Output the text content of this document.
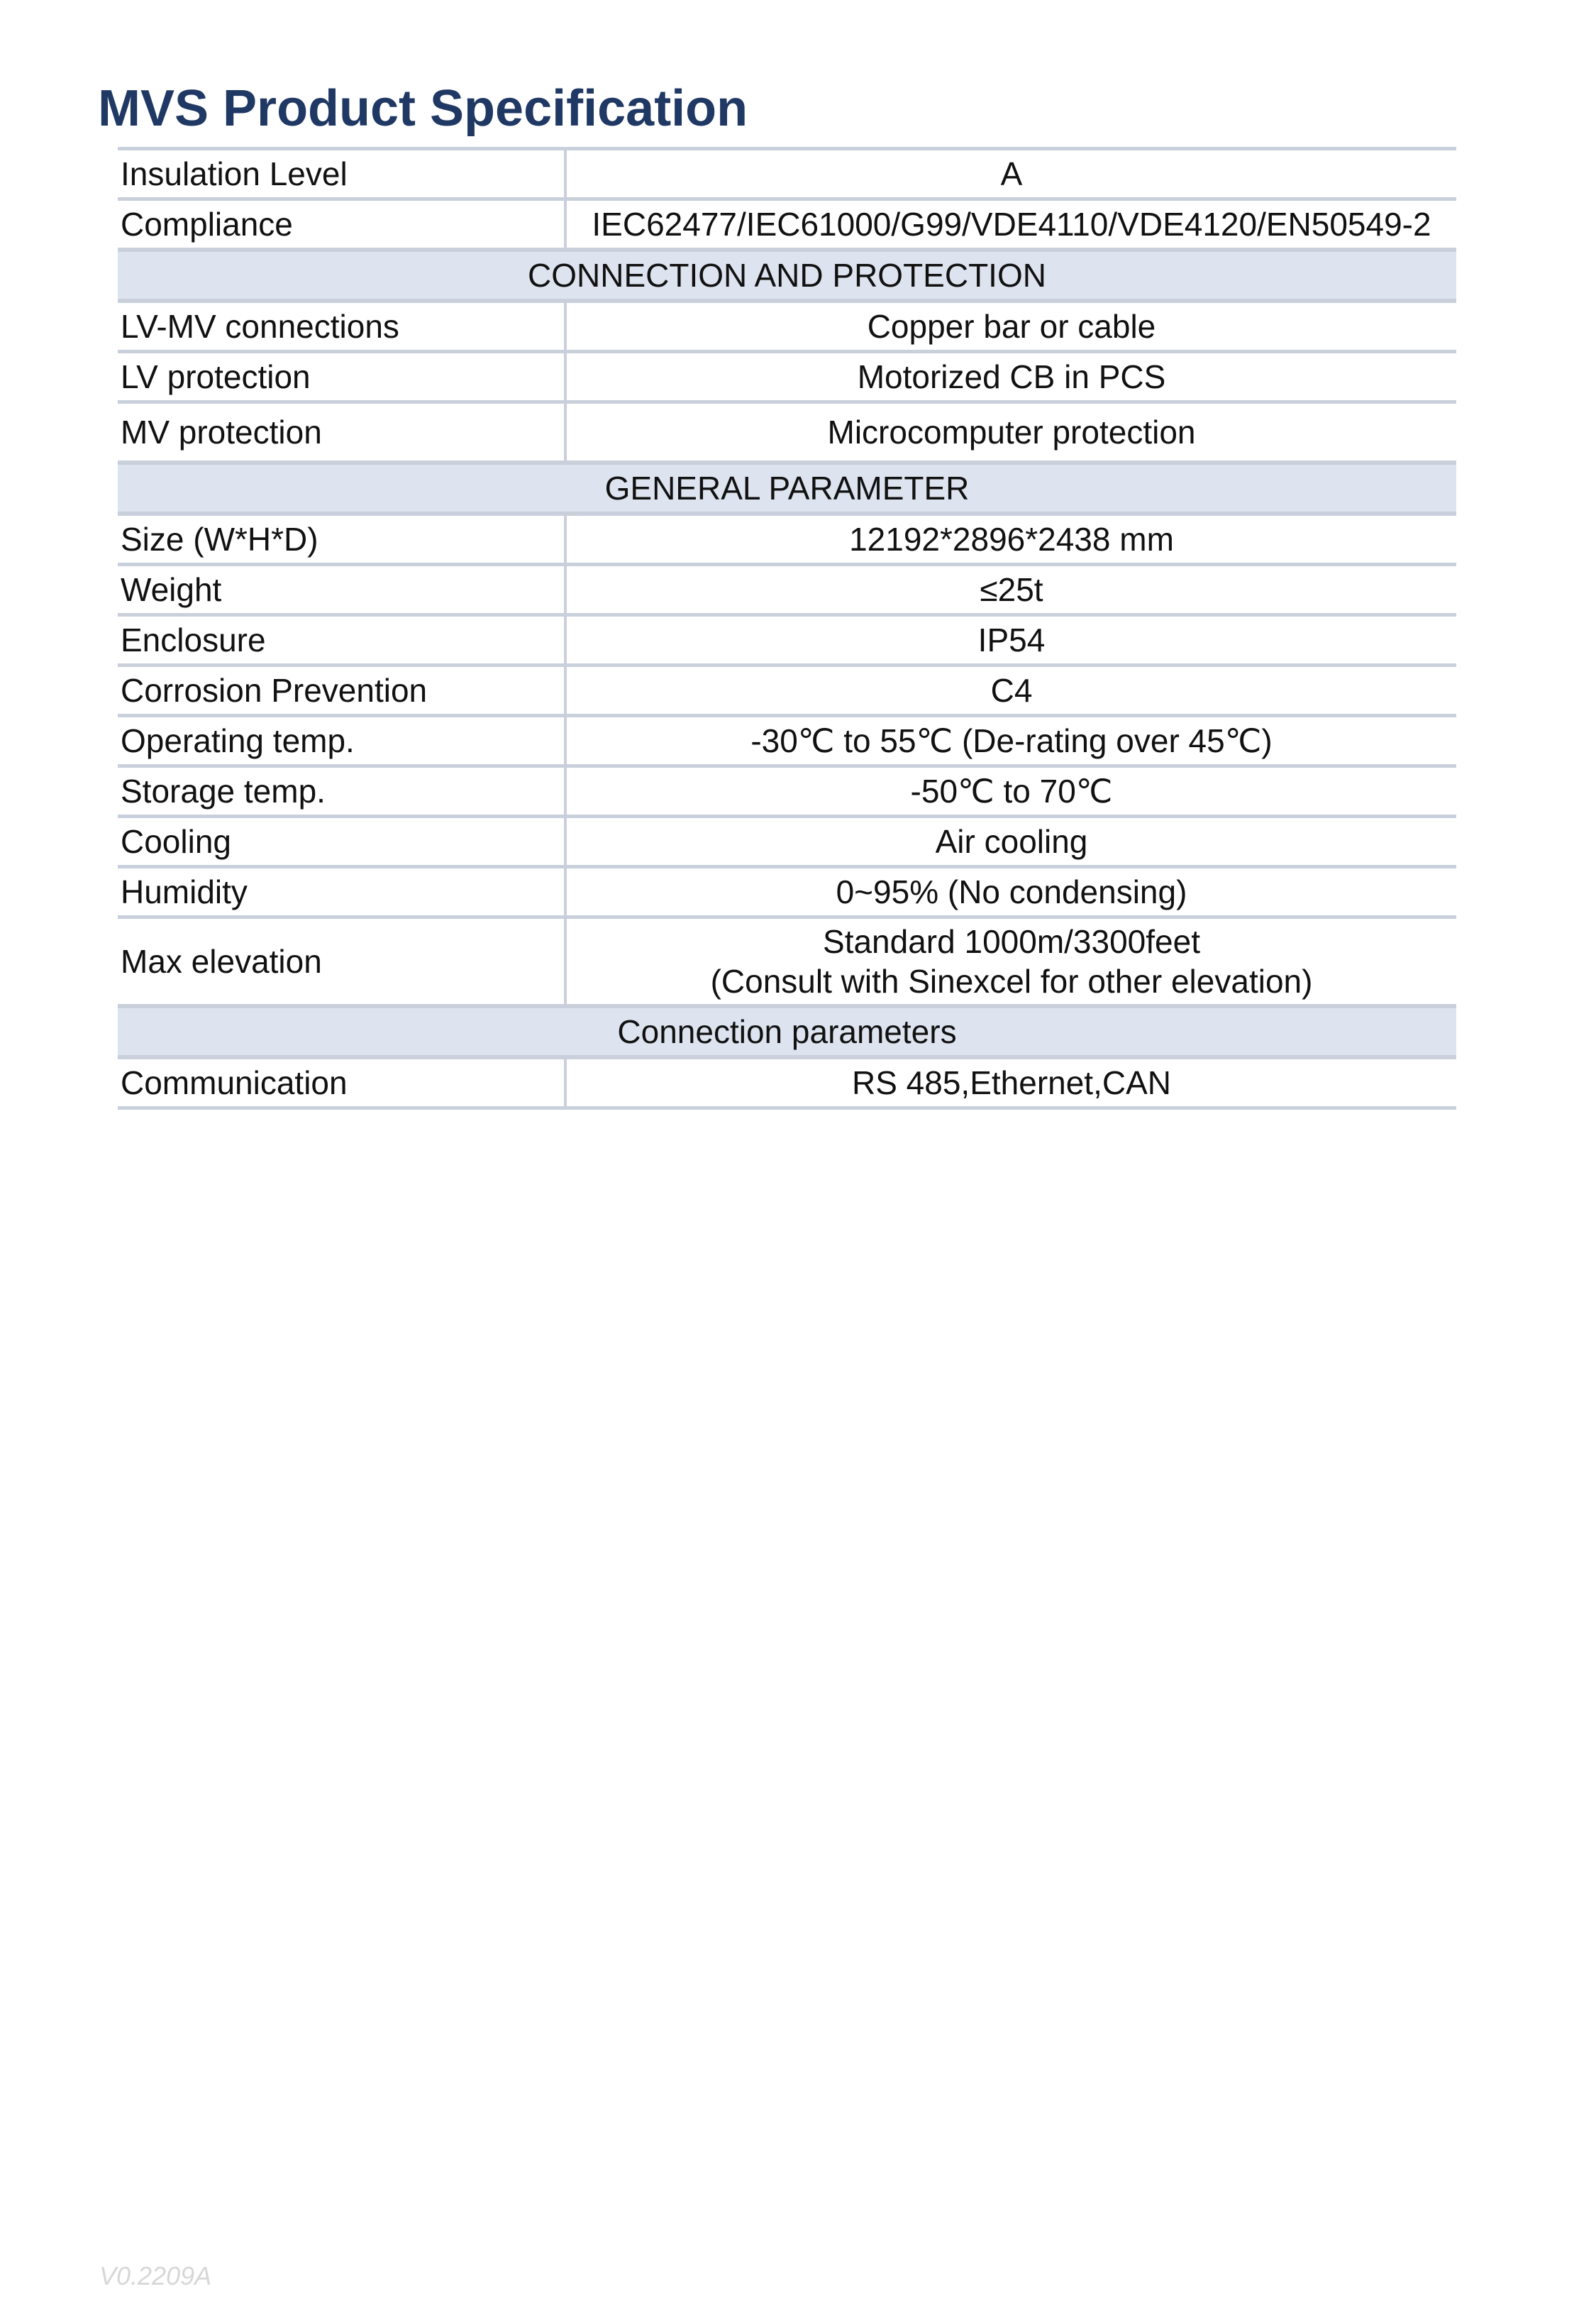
MVS Product Specification
Insulation Level	A
Compliance	IEC62477/IEC61000/G99/VDE4110/VDE4120/EN50549-2
CONNECTION AND PROTECTION	
LV-MV connections	Copper bar or cable
LV protection	Motorized CB in PCS
MV protection	Microcomputer protection
GENERAL PARAMETER	
Size (W*H*D)	12192*2896*2438 mm
Weight	≤25t
Enclosure	IP54
Corrosion Prevention	C4
Operating temp.	-30℃ to 55℃ (De-rating over 45℃)
Storage temp.	-50℃ to 70℃
Cooling	Air cooling
Humidity	0~95% (No condensing)
Max elevation	Standard 1000m/3300feet
(Consult with Sinexcel for other elevation)

Connection parameters	
Communication	RS 485,Ethernet,CAN
V0.2209A
